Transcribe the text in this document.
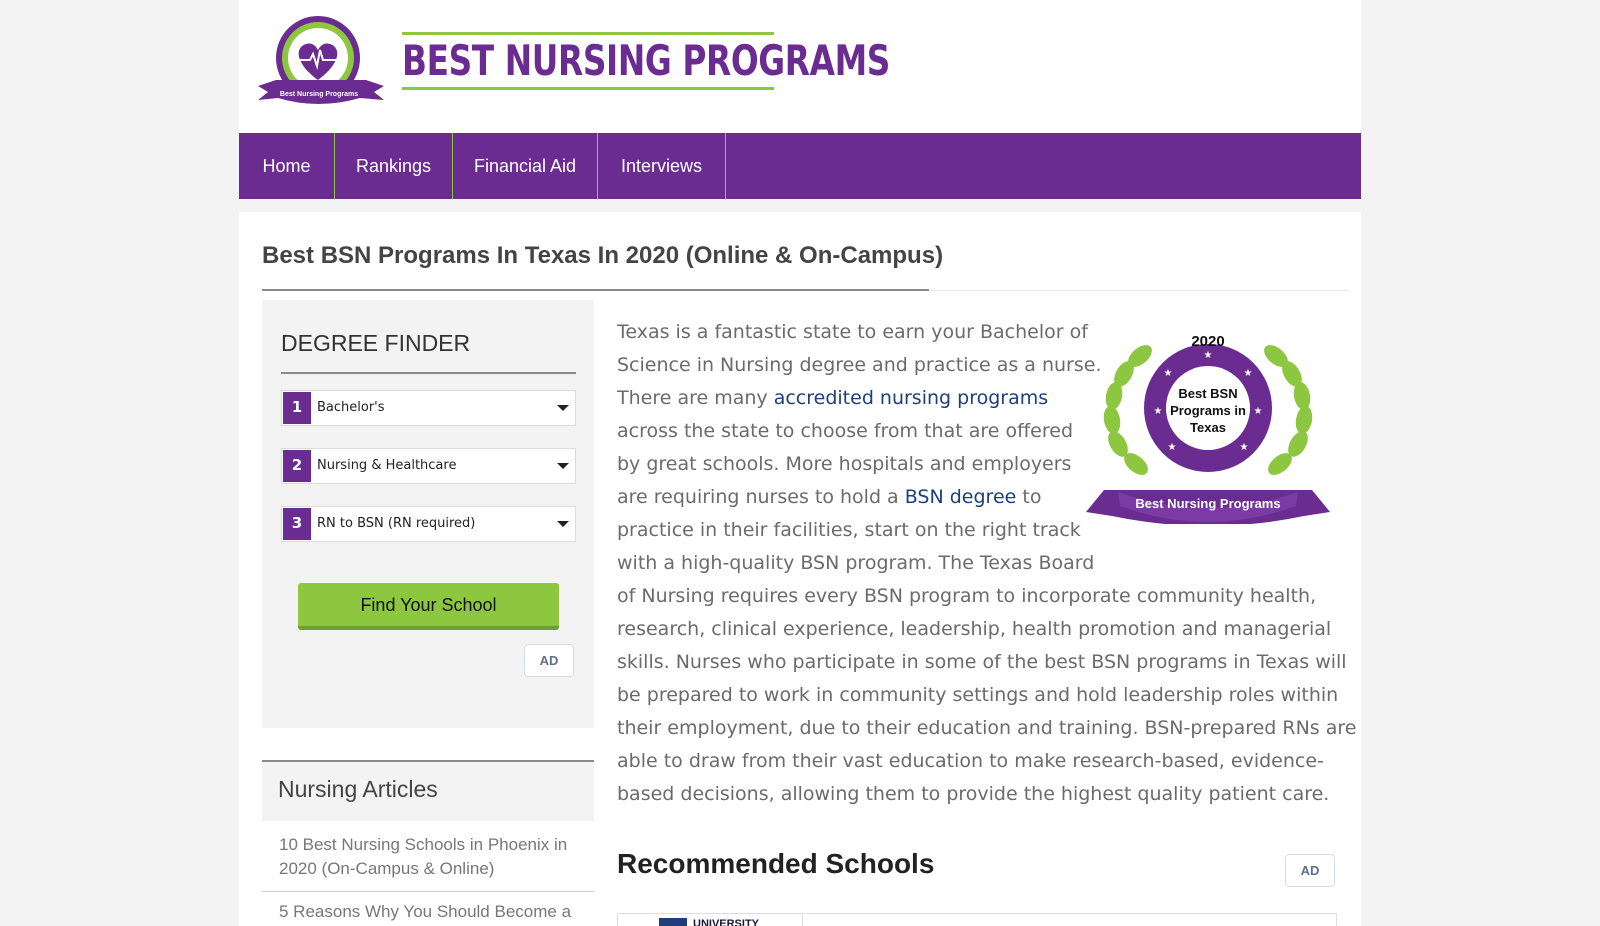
Best Nursing Programs
BEST NURSING PROGRAMS
Home	Rankings	Financial Aid	Interviews
Best BSN Programs In Texas In 2020 (Online & On-Campus)
DEGREE FINDER
1	Bachelor's
2	Nursing & Healthcare
3	RN to BSN (RN required)
Find Your School
AD
Nursing Articles
10 Best Nursing Schools in Phoenix in 2020 (On-Campus & Online)
5 Reasons Why You Should Become a
Texas is a fantastic state to earn your Bachelor of
Science in Nursing degree and practice as a nurse.
There are many accredited nursing programs
across the state to choose from that are offered
by great schools. More hospitals and employers
are requiring nurses to hold a BSN degree to
practice in their facilities, start on the right track
with a high-quality BSN program. The Texas Board
of Nursing requires every BSN program to incorporate community health,
research, clinical experience, leadership, health promotion and managerial
skills. Nurses who participate in some of the best BSN programs in Texas will
be prepared to work in community settings and hold leadership roles within
their employment, due to their education and training. BSN-prepared RNs are
able to draw from their vast education to make research-based, evidence-
based decisions, allowing them to provide the highest quality patient care.
★
★	★
★	★
★	★
2020
Best BSN
Programs in
Texas
Best Nursing Programs
Recommended Schools	AD
UNIVERSITY
